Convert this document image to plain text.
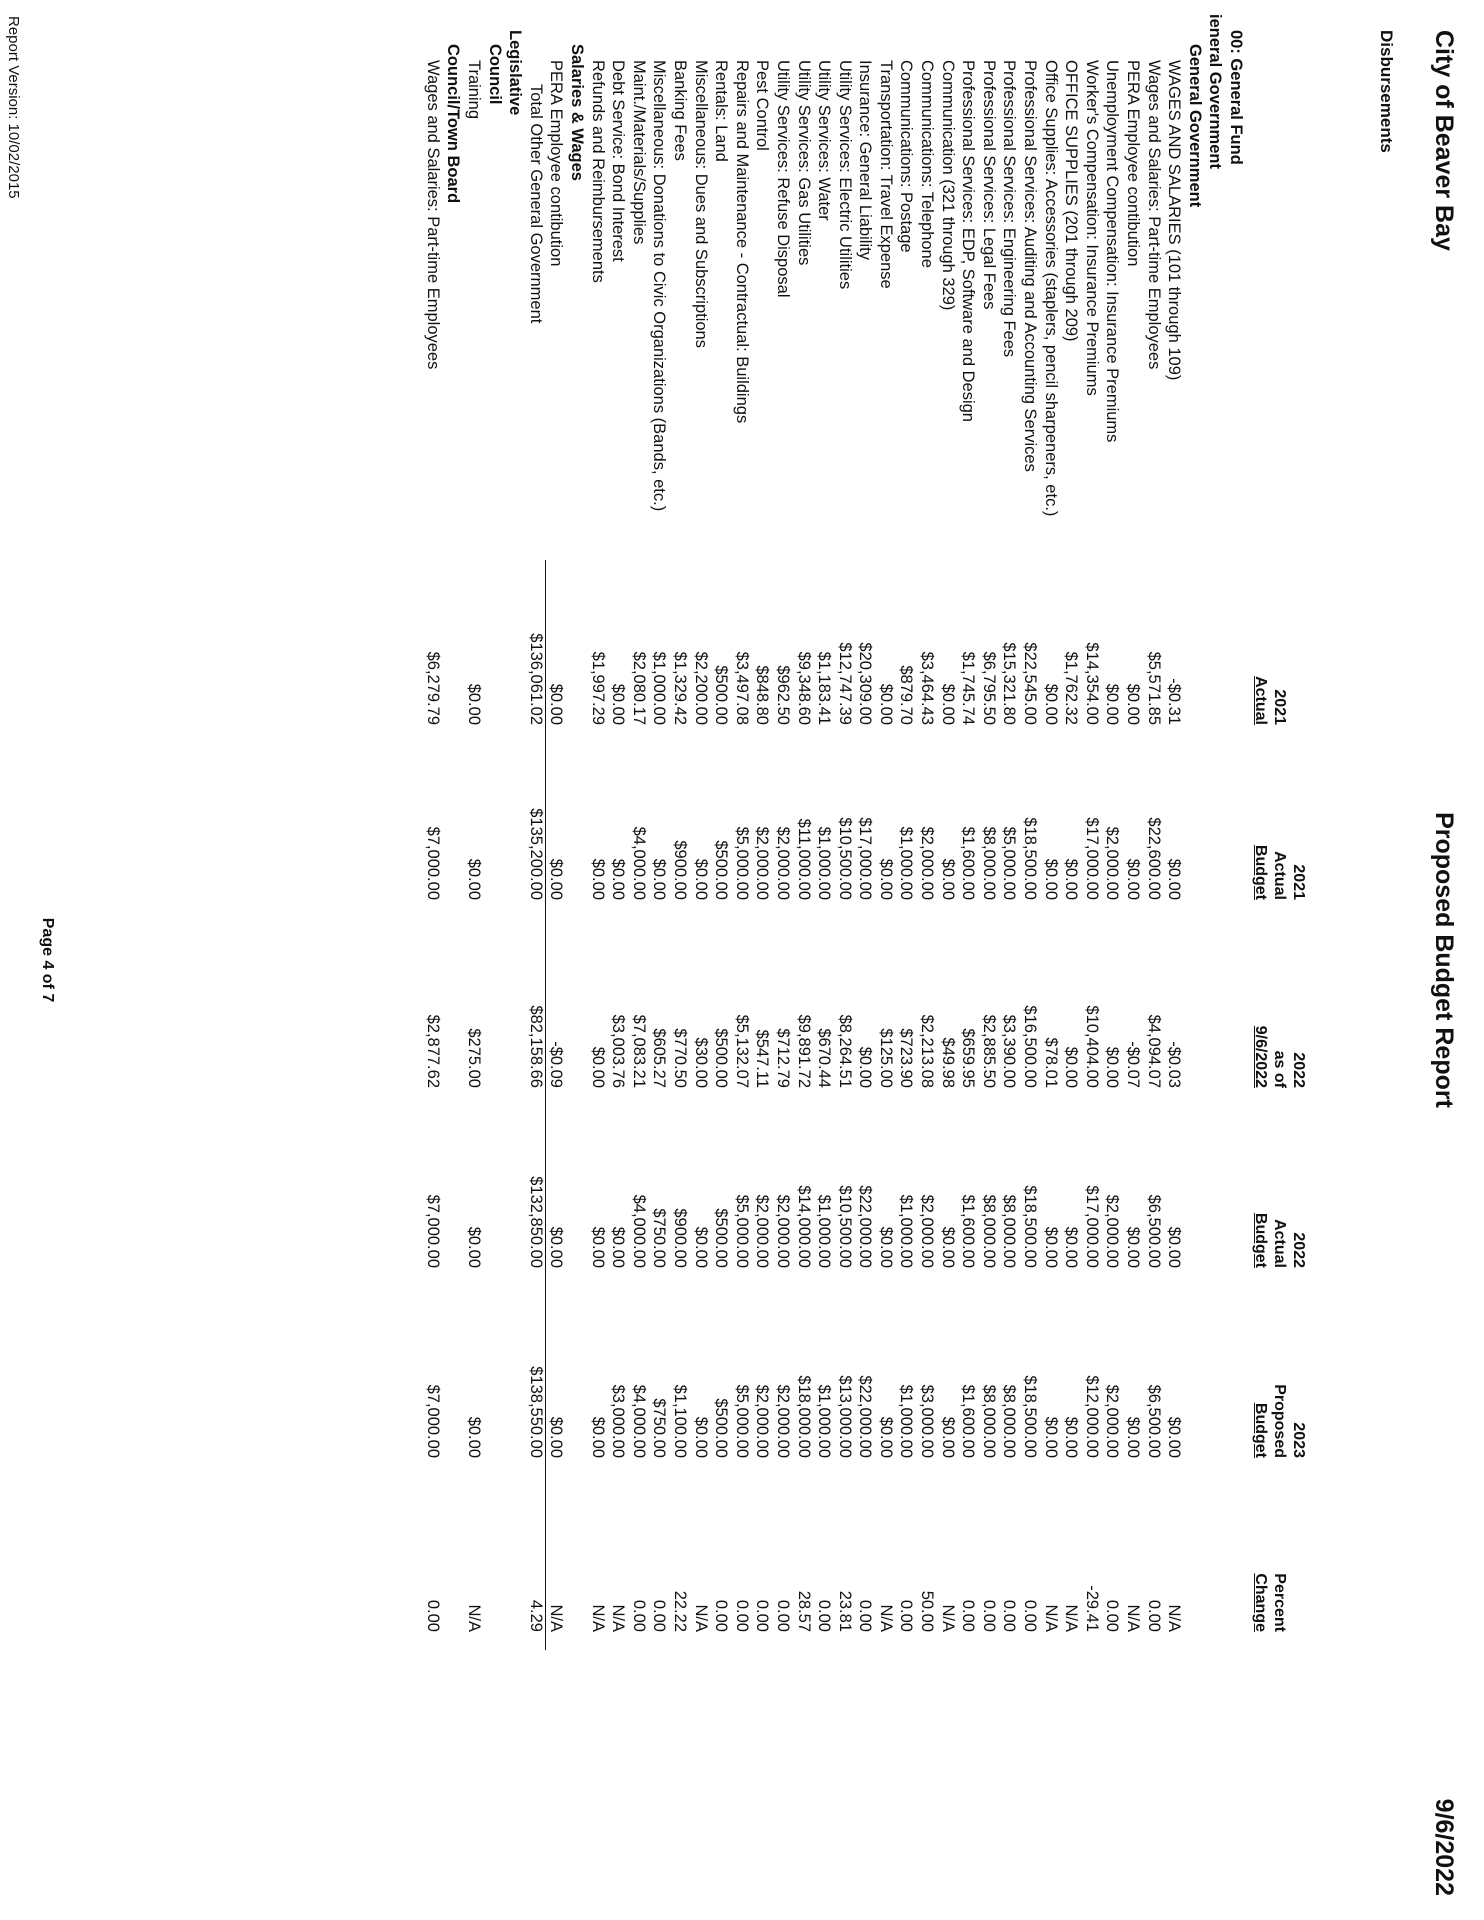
City of Beaver Bay
Proposed Budget Report
9/6/2022
Disbursements

2021
Actual
2021
Actual
Budget
2022
as of
9/6/2022
2022
Actual
Budget
2023
Proposed
Budget

Percent
Change
00: General Fund
ieneral Government
General Government
WAGES AND SALARIES (101 through 109)
-$0.31
$0.00
-$0.03
$0.00
$0.00
N/A
Wages and Salaries: Part-time Employees
$5,571.85
$22,600.00
$4,094.07
$6,500.00
$6,500.00
0.00
PERA Employee contibution
$0.00
$0.00
-$0.07
$0.00
$0.00
N/A
Unemployment Compensation: Insurance Premiums
$0.00
$2,000.00
$0.00
$2,000.00
$2,000.00
0.00
Worker's Compensation: Insurance Premiums
$14,354.00
$17,000.00
$10,404.00
$17,000.00
$12,000.00
-29.41
OFFICE SUPPLIES (201 through 209)
$1,762.32
$0.00
$0.00
$0.00
$0.00
N/A
Office Supplies: Accessories (staplers, pencil sharpeners, etc.)
$0.00
$0.00
$78.01
$0.00
$0.00
N/A
Professional Services: Auditing and Accounting Services
$22,545.00
$18,500.00
$16,500.00
$18,500.00
$18,500.00
0.00
Professional Services: Engineering Fees
$15,321.80
$5,000.00
$3,390.00
$8,000.00
$8,000.00
0.00
Professional Services: Legal Fees
$6,795.50
$8,000.00
$2,885.50
$8,000.00
$8,000.00
0.00
Professional Services: EDP, Software and Design
$1,745.74
$1,600.00
$659.95
$1,600.00
$1,600.00
0.00
Communication (321 through 329)
$0.00
$0.00
$49.98
$0.00
$0.00
N/A
Communications: Telephone
$3,464.43
$2,000.00
$2,213.08
$2,000.00
$3,000.00
50.00
Communications: Postage
$879.70
$1,000.00
$723.90
$1,000.00
$1,000.00
0.00
Transportation: Travel Expense
$0.00
$0.00
$125.00
$0.00
$0.00
N/A
Insurance: General Liability
$20,309.00
$17,000.00
$0.00
$22,000.00
$22,000.00
0.00
Utility Services: Electric Utilities
$12,747.39
$10,500.00
$8,264.51
$10,500.00
$13,000.00
23.81
Utility Services: Water
$1,183.41
$1,000.00
$670.44
$1,000.00
$1,000.00
0.00
Utility Services: Gas Utilities
$9,348.60
$11,000.00
$9,891.72
$14,000.00
$18,000.00
28.57
Utility Services: Refuse Disposal
$962.50
$2,000.00
$712.79
$2,000.00
$2,000.00
0.00
Pest Control
$848.80
$2,000.00
$547.11
$2,000.00
$2,000.00
0.00
Repairs and Maintenance - Contractual: Buildings
$3,497.08
$5,000.00
$5,132.07
$5,000.00
$5,000.00
0.00
Rentals: Land
$500.00
$500.00
$500.00
$500.00
$500.00
0.00
Miscellaneous: Dues and Subscriptions
$2,200.00
$0.00
$30.00
$0.00
$0.00
N/A
Banking Fees
$1,329.42
$900.00
$770.50
$900.00
$1,100.00
22.22
Miscellaneous: Donations to Civic Organizations (Bands, etc.)
$1,000.00
$0.00
$605.27
$750.00
$750.00
0.00
Maint./Materials/Supplies
$2,080.17
$4,000.00
$7,083.21
$4,000.00
$4,000.00
0.00
Debt Service: Bond Interest
$0.00
$0.00
$3,003.76
$0.00
$3,000.00
N/A
Refunds and Reimbursements
$1,997.29
$0.00
$0.00
$0.00
$0.00
N/A
Salaries & Wages
PERA Employee contibution
$0.00
$0.00
-$0.09
$0.00
$0.00
N/A
Total Other General Government
$136,061.02
$135,200.00
$82,158.66
$132,850.00
$138,550.00
4.29
Legislative
Council
Training
$0.00
$0.00
$275.00
$0.00
$0.00
N/A
Council/Town Board
Wages and Salaries: Part-time Employees
$6,279.79
$7,000.00
$2,877.62
$7,000.00
$7,000.00
0.00
Page 4 of 7
Report Version: 10/02/2015
